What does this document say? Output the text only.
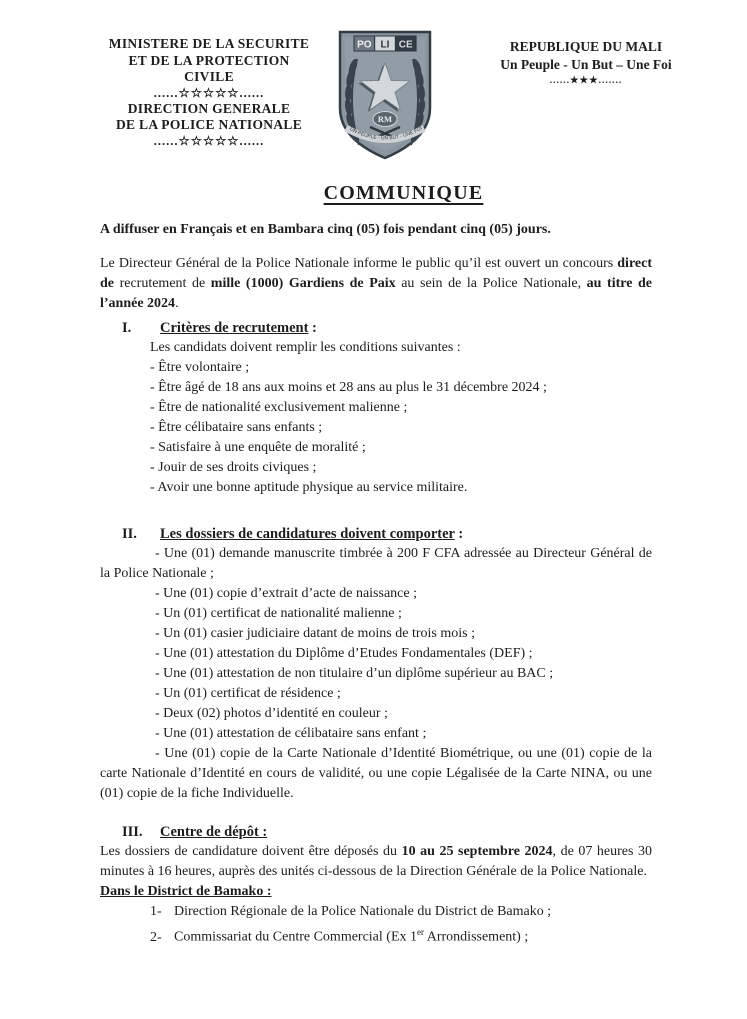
MINISTERE DE LA SECURITE
ET DE LA PROTECTION
CIVILE
......☆☆☆☆☆......
DIRECTION GENERALE
DE LA POLICE NATIONALE
......☆☆☆☆☆......
RM
UN PEUPLE - UN BUT - UNE FOI
PO LI CE	REPUBLIQUE DU MALI
Un Peuple - Un But – Une Foi
......★★★.......
COMMUNIQUE

A diffuser en Français et en Bambara cinq (05) fois pendant cinq (05) jours.

Le Directeur Général de la Police Nationale informe le public qu’il est ouvert un concours direct de recrutement de mille (1000) Gardiens de Paix au sein de la Police Nationale, au titre de l’année 2024.

I. Critères de recrutement :

Les candidats doivent remplir les conditions suivantes :

- Être volontaire ;

- Être âgé de 18 ans aux moins et 28 ans au plus le 31 décembre 2024 ;

- Être de nationalité exclusivement malienne ;

- Être célibataire sans enfants ;

- Satisfaire à une enquête de moralité ;

- Jouir de ses droits civiques ;

- Avoir une bonne aptitude physique au service militaire.

II. Les dossiers de candidatures doivent comporter :

- Une (01) demande manuscrite timbrée à 200 F CFA adressée au Directeur Général de la Police Nationale ;

- Une (01) copie d’extrait d’acte de naissance ;

- Un (01) certificat de nationalité malienne ;

- Un (01) casier judiciaire datant de moins de trois mois ;

- Une (01) attestation du Diplôme d’Etudes Fondamentales (DEF) ;

- Une (01) attestation de non titulaire d’un diplôme supérieur au BAC ;

- Un (01) certificat de résidence ;

- Deux (02) photos d’identité en couleur ;

- Une (01) attestation de célibataire sans enfant ;

- Une (01) copie de la Carte Nationale d’Identité Biométrique, ou une (01) copie de la carte Nationale d’Identité en cours de validité, ou une copie Légalisée de la Carte NINA, ou une (01) copie de la fiche Individuelle.

III. Centre de dépôt :

Les dossiers de candidature doivent être déposés du 10 au 25 septembre 2024, de 07 heures 30 minutes à 16 heures, auprès des unités ci-dessous de la Direction Générale de la Police Nationale.

Dans le District de Bamako :

1- Direction Régionale de la Police Nationale du District de Bamako ;

2- Commissariat du Centre Commercial (Ex 1er Arrondissement) ;
